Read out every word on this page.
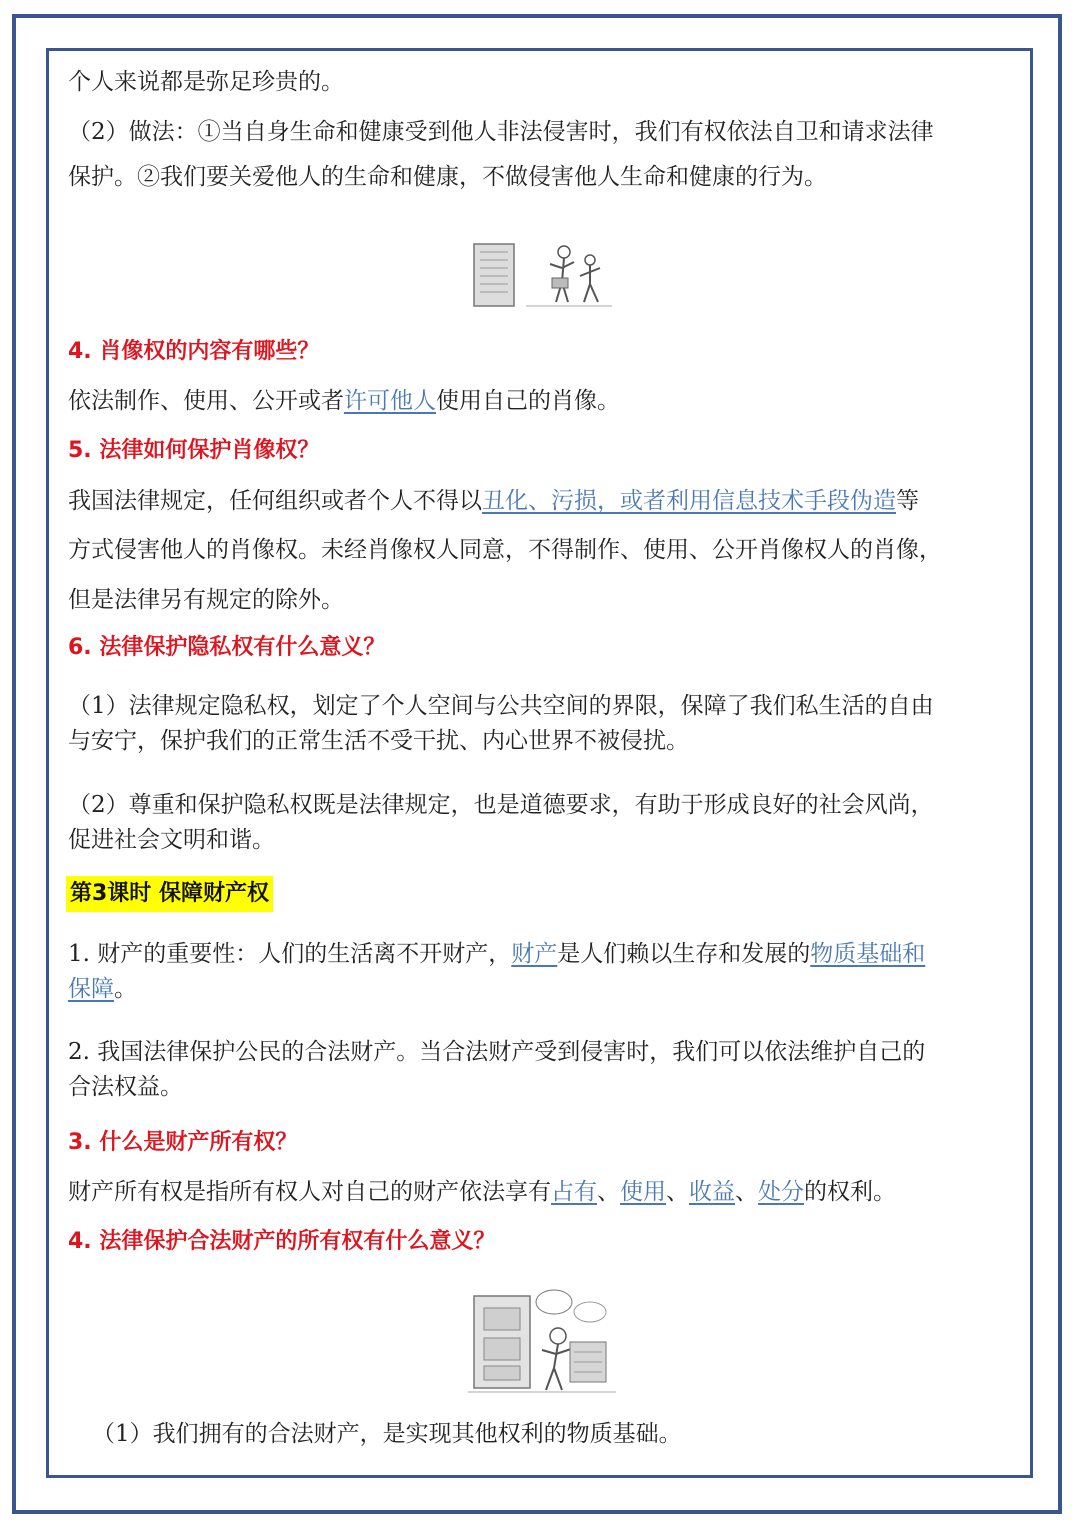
个人来说都是弥足珍贵的。
（2）做法：①当自身生命和健康受到他人非法侵害时，我们有权依法自卫和请求法律
保护。②我们要关爱他人的生命和健康，不做侵害他人生命和健康的行为。
4. 肖像权的内容有哪些？
依法制作、使用、公开或者许可他人使用自己的肖像。
5. 法律如何保护肖像权？
我国法律规定，任何组织或者个人不得以丑化、污损，或者利用信息技术手段伪造等
方式侵害他人的肖像权。未经肖像权人同意，不得制作、使用、公开肖像权人的肖像，
但是法律另有规定的除外。
6. 法律保护隐私权有什么意义？
（1）法律规定隐私权，划定了个人空间与公共空间的界限，保障了我们私生活的自由
与安宁，保护我们的正常生活不受干扰、内心世界不被侵扰。
（2）尊重和保护隐私权既是法律规定，也是道德要求，有助于形成良好的社会风尚，
促进社会文明和谐。
第3课时 保障财产权
1. 财产的重要性：人们的生活离不开财产，财产是人们赖以生存和发展的物质基础和
保障。
2. 我国法律保护公民的合法财产。当合法财产受到侵害时，我们可以依法维护自己的
合法权益。
3. 什么是财产所有权？
财产所有权是指所有权人对自己的财产依法享有占有、使用、收益、处分的权利。
4. 法律保护合法财产的所有权有什么意义？
（1）我们拥有的合法财产，是实现其他权利的物质基础。
